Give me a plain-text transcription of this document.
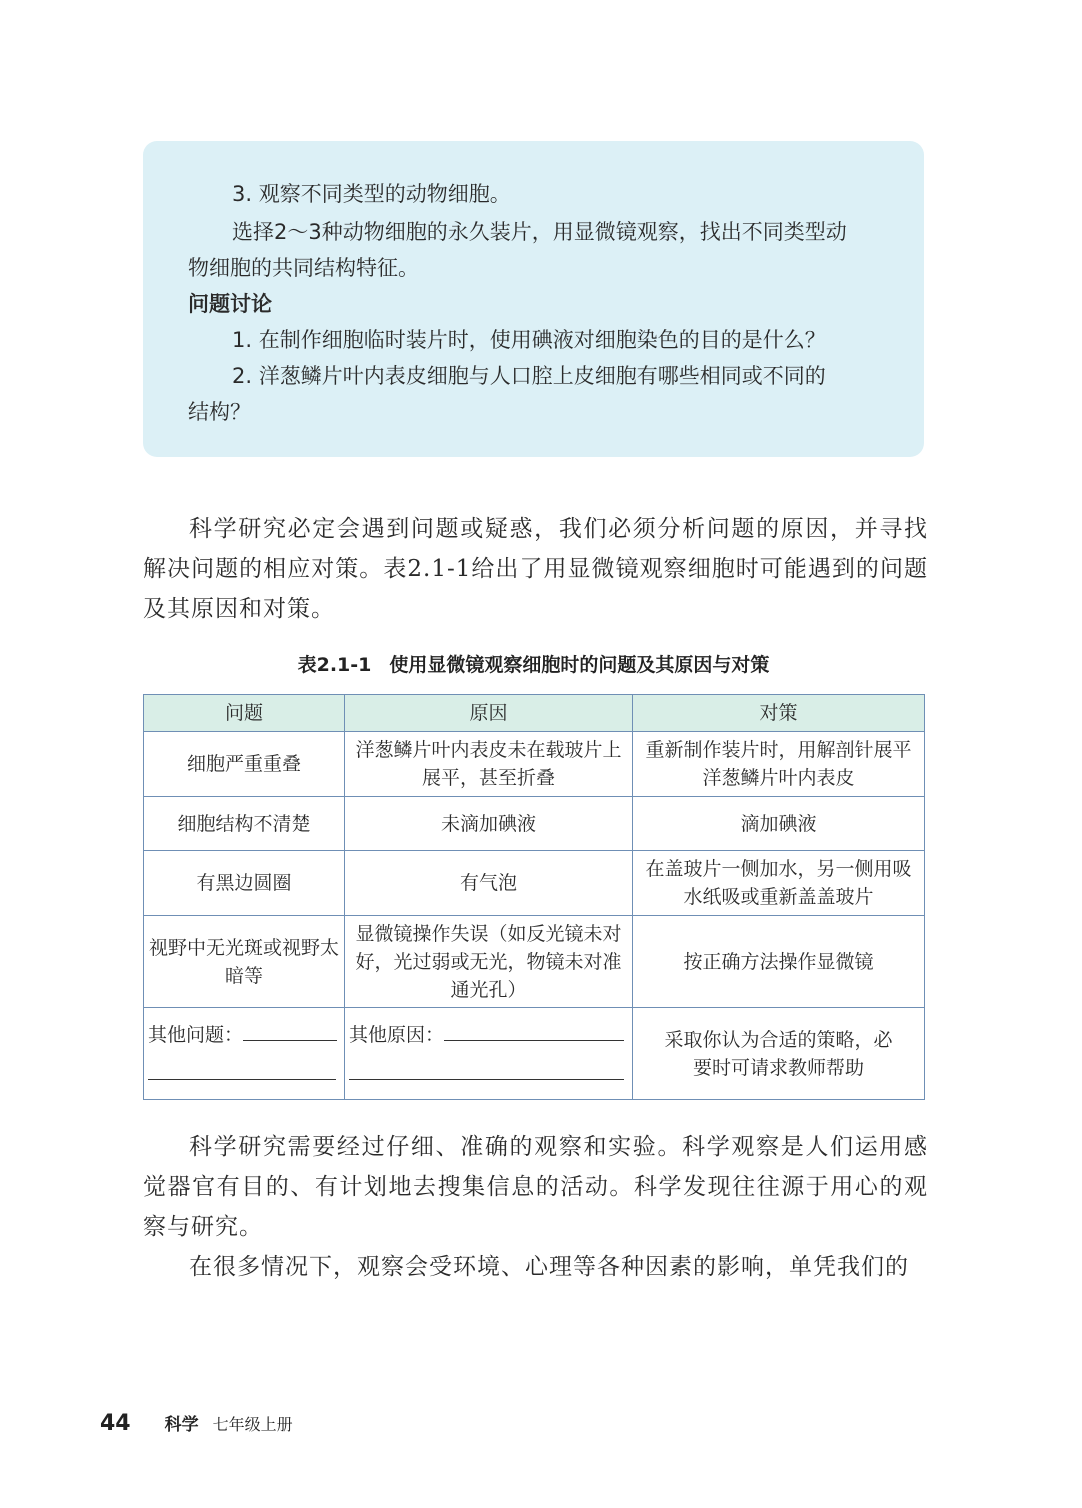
3. 观察不同类型的动物细胞。
选择2～3种动物细胞的永久装片，用显微镜观察，找出不同类型动
物细胞的共同结构特征。
问题讨论
1. 在制作细胞临时装片时，使用碘液对细胞染色的目的是什么？
2. 洋葱鳞片叶内表皮细胞与人口腔上皮细胞有哪些相同或不同的
结构？

科学研究必定会遇到问题或疑惑，我们必须分析问题的原因，并寻找解决问题的相应对策。表2.1-1给出了用显微镜观察细胞时可能遇到的问题及其原因和对策。

表2.1-1 使用显微镜观察细胞时的问题及其原因与对策
问题	原因	对策
细胞严重重叠	洋葱鳞片叶内表皮未在载玻片上展平，甚至折叠	重新制作装片时，用解剖针展平洋葱鳞片叶内表皮
细胞结构不清楚	未滴加碘液	滴加碘液
有黑边圆圈	有气泡	在盖玻片一侧加水，另一侧用吸水纸吸或重新盖盖玻片
视野中无光斑或视野太暗等	显微镜操作失误（如反光镜未对好，光过弱或无光，物镜未对准通光孔）	按正确方法操作显微镜
其他问题：	其他原因：	采取你认为合适的策略，必要时可请求教师帮助

科学研究需要经过仔细、准确的观察和实验。科学观察是人们运用感觉器官有目的、有计划地去搜集信息的活动。科学发现往往源于用心的观察与研究。

在很多情况下，观察会受环境、心理等各种因素的影响，单凭我们的

44 科学 七年级上册
